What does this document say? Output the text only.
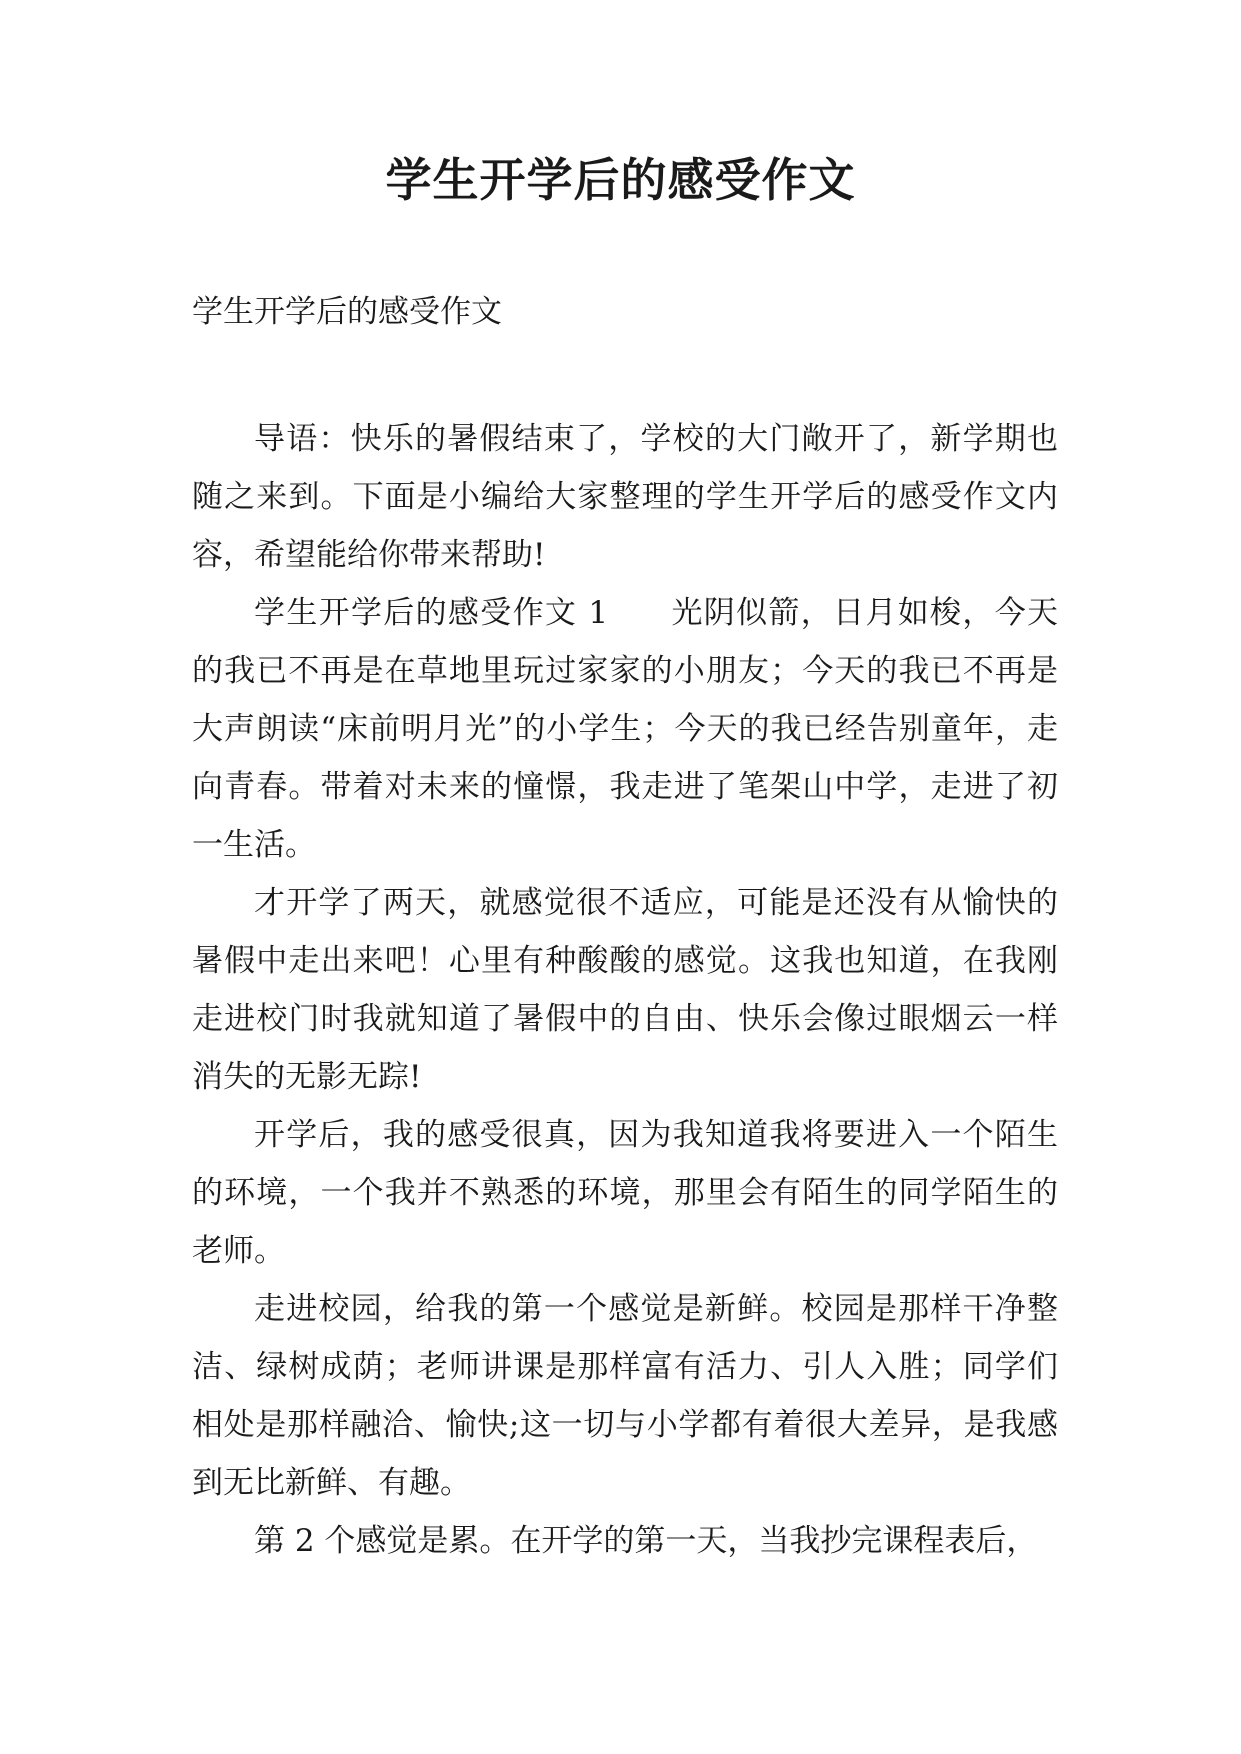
学生开学后的感受作文

学生开学后的感受作文

导语：快乐的暑假结束了，学校的大门敞开了，新学期也随之来到。下面是小编给大家整理的学生开学后的感受作文内容，希望能给你带来帮助!

学生开学后的感受作文 1 光阴似箭，日月如梭，今天的我已不再是在草地里玩过家家的小朋友；今天的我已不再是大声朗读“床前明月光”的小学生；今天的我已经告别童年，走向青春。带着对未来的憧憬，我走进了笔架山中学，走进了初一生活。

才开学了两天，就感觉很不适应，可能是还没有从愉快的暑假中走出来吧！心里有种酸酸的感觉。这我也知道，在我刚走进校门时我就知道了暑假中的自由、快乐会像过眼烟云一样消失的无影无踪!

开学后，我的感受很真，因为我知道我将要进入一个陌生的环境，一个我并不熟悉的环境，那里会有陌生的同学陌生的老师。

走进校园，给我的第一个感觉是新鲜。校园是那样干净整洁、绿树成荫；老师讲课是那样富有活力、引人入胜；同学们相处是那样融洽、愉快;这一切与小学都有着很大差异，是我感到无比新鲜、有趣。

第 2 个感觉是累。在开学的第一天，当我抄完课程表后，
